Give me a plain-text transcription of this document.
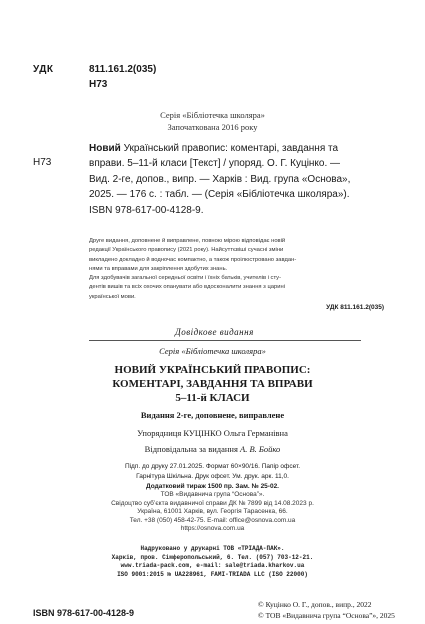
УДК	811.161.2(035)
Н73
Серія «Бібліотечка школяра»
Започаткована 2016 року
Н73
Новий Український правопис: коментарі, завдання та
вправи. 5–11-й класи [Текст] / упоряд. О. Г. Куцінко. —
Вид. 2-ге, допов., випр. — Харків : Вид. група «Основа»,
2025. — 176 с. : табл. — (Серія «Бібліотечка школяра»).
ISBN 978-617-00-4128-9.
Друге видання, доповнене й виправлене, повною мірою відповідає новій
редакції Українського правопису (2021 року). Найсуттєвіші сучасні зміни
викладено докладно й водночас компактно, а також проілюстровано завдан-
нями та вправами для закріплення здобутих знань.
Для здобувачів загальної середньої освіти і їхніх батьків, учителів і сту-
дентів вишів та всіх охочих опанувати або вдосконалити знання з царині
української мови.
УДК 811.161.2(035)
Довідкове видання
Серія «Бібліотечка школяра»
НОВИЙ УКРАЇНСЬКИЙ ПРАВОПИС:
КОМЕНТАРІ, ЗАВДАННЯ ТА ВПРАВИ
5–11-й КЛАСИ
Видання 2-ге, доповнене, виправлене
Упорядниця КУЦІНКО Ольга Германівна
Відповідальна за видання А. В. Бойко
Підп. до друку 27.01.2025. Формат 60×90/16. Папір офсет.
Гарнітура Шкільна. Друк офсет. Ум. друк. арк. 11,0.
Додатковий тираж 1500 пр. Зам. № 25-02.
ТОВ «Видавнича група “Основа”».
Свідоцтво суб’єкта видавничої справи ДК № 7899 від 14.08.2023 р.
Україна, 61001 Харків, вул. Георгія Тарасенка, 66.
Тел. +38 (050) 458-42-75. E-mail: office@osnova.com.ua
https://osnova.com.ua
Надруковано у друкарні ТОВ «ТРІАДА-ПАК».
Харків, пров. Сімферопольський, 6. Тел. (057) 703-12-21.
www.triada-pack.com, e-mail: sale@triada.kharkov.ua
ISO 9001:2015 № UA228961, FAMI-TRIADA LLC (ISO 22000)
ISBN 978-617-00-4128-9
© Куцінко О. Г., допов., випр., 2022
© ТОВ «Видавнича група “Основа”», 2025
